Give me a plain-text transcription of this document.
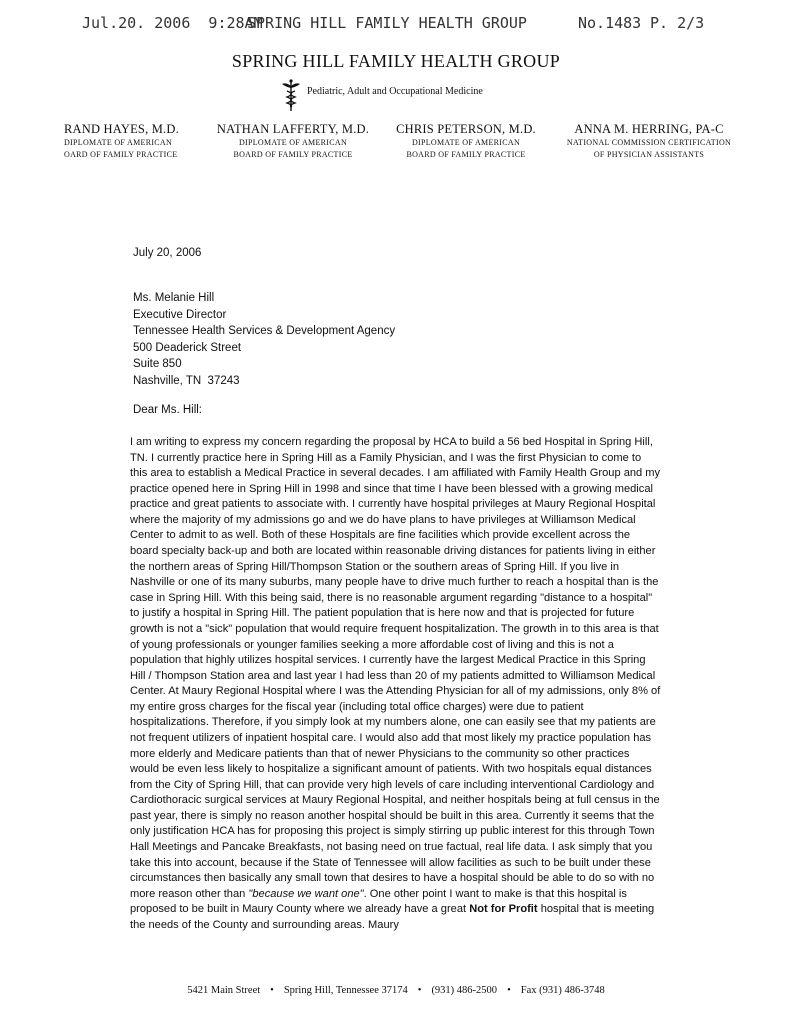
Jul.20. 2006  9:28AM
SPRING HILL FAMILY HEALTH GROUP	No.1483 P. 2/3
SPRING HILL FAMILY HEALTH GROUP
Pediatric, Adult and Occupational Medicine
RAND HAYES, M.D.
DIPLOMATE OF AMERICAN
OARD OF FAMILY PRACTICE
NATHAN LAFFERTY, M.D.
DIPLOMATE OF AMERICAN
BOARD OF FAMILY PRACTICE
CHRIS PETERSON, M.D.
DIPLOMATE OF AMERICAN
BOARD OF FAMILY PRACTICE
ANNA M. HERRING, PA-C
NATIONAL COMMISSION CERTIFICATION
OF PHYSICIAN ASSISTANTS
July 20, 2006
Ms. Melanie Hill
Executive Director
Tennessee Health Services & Development Agency
500 Deaderick Street
Suite 850
Nashville, TN  37243
Dear Ms. Hill:

I am writing to express my concern regarding the proposal by HCA to build a 56 bed Hospital in Spring Hill, TN. I currently practice here in Spring Hill as a Family Physician, and I was the first Physician to come to this area to establish a Medical Practice in several decades. I am affiliated with Family Health Group and my practice opened here in Spring Hill in 1998 and since that time I have been blessed with a growing medical practice and great patients to associate with. I currently have hospital privileges at Maury Regional Hospital where the majority of my admissions go and we do have plans to have privileges at Williamson Medical Center to admit to as well. Both of these Hospitals are fine facilities which provide excellent across the board specialty back-up and both are located within reasonable driving distances for patients living in either the northern areas of Spring Hill/Thompson Station or the southern areas of Spring Hill. If you live in Nashville or one of its many suburbs, many people have to drive much further to reach a hospital than is the case in Spring Hill. With this being said, there is no reasonable argument regarding "distance to a hospital" to justify a hospital in Spring Hill. The patient population that is here now and that is projected for future growth is not a "sick" population that would require frequent hospitalization. The growth in to this area is that of young professionals or younger families seeking a more affordable cost of living and this is not a population that highly utilizes hospital services. I currently have the largest Medical Practice in this Spring Hill / Thompson Station area and last year I had less than 20 of my patients admitted to Williamson Medical Center. At Maury Regional Hospital where I was the Attending Physician for all of my admissions, only 8% of my entire gross charges for the fiscal year (including total office charges) were due to patient hospitalizations. Therefore, if you simply look at my numbers alone, one can easily see that my patients are not frequent utilizers of inpatient hospital care. I would also add that most likely my practice population has more elderly and Medicare patients than that of newer Physicians to the community so other practices would be even less likely to hospitalize a significant amount of patients. With two hospitals equal distances from the City of Spring Hill, that can provide very high levels of care including interventional Cardiology and Cardiothoracic surgical services at Maury Regional Hospital, and neither hospitals being at full census in the past year, there is simply no reason another hospital should be built in this area. Currently it seems that the only justification HCA has for proposing this project is simply stirring up public interest for this through Town Hall Meetings and Pancake Breakfasts, not basing need on true factual, real life data. I ask simply that you take this into account, because if the State of Tennessee will allow facilities as such to be built under these circumstances then basically any small town that desires to have a hospital should be able to do so with no more reason other than "because we want one". One other point I want to make is that this hospital is proposed to be built in Maury County where we already have a great Not for Profit hospital that is meeting the needs of the County and surrounding areas. Maury

5421 Main Street • Spring Hill, Tennessee 37174 • (931) 486-2500 • Fax (931) 486-3748
